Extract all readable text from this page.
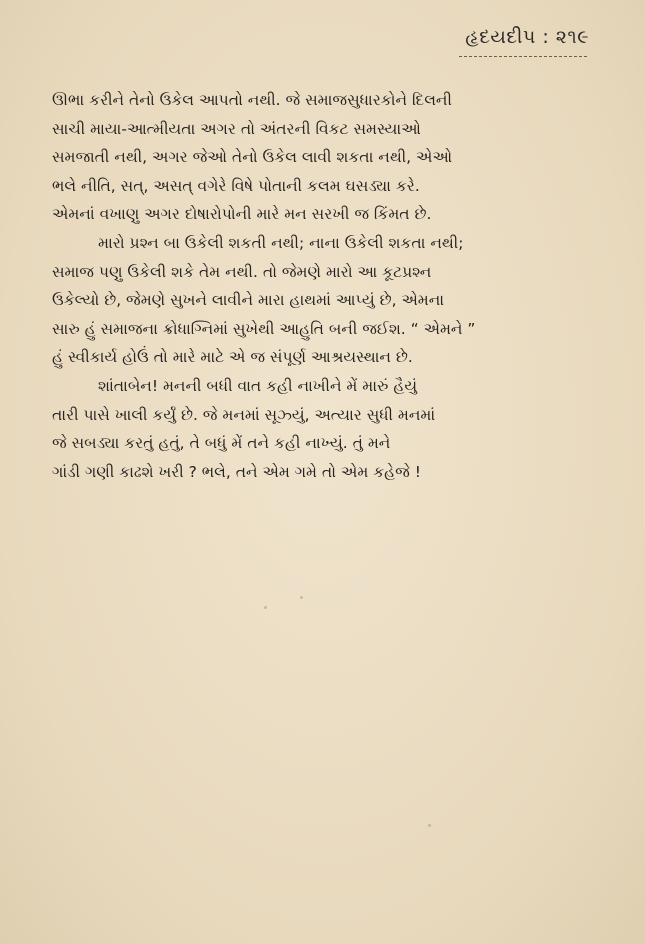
હૃદયદીપ : ૨૧૯

ઊભા કરીને તેનો ઉકેલ આપતો નથી. જે સમાજસુધારકોને દિલની
સાચી માયા-આત્મીયતા અગર તો અંતરની વિકટ સમસ્યાઓ
સમજાતી નથી, અગર જેઓ તેનો ઉકેલ લાવી શકતા નથી, એઓ
ભલે નીતિ, સત્, અસત્ વગેરે વિષે પોતાની કલમ ઘસડ્યા કરે.
એમનાં વખાણુ અગર દોષારોપોની મારે મન સરખી જ કિંમત છે.

મારો પ્રશ્ન બા ઉકેલી શકતી નથી; નાના ઉકેલી શકતા નથી;
સમાજ પણુ ઉકેલી શકે તેમ નથી. તો જેમણે મારો આ કૂટપ્રશ્ન
ઉકેલ્યો છે, જેમણે સુખને લાવીને મારા હાથમાં આપ્યું છે, એમના
સારુ હું સમાજના ક્રોધાગ્નિમાં સુખેથી આહુતિ બની જઈશ. “ એમને ”
હું સ્વીકાર્ય હોઉં તો મારે માટે એ જ સંપૂર્ણ આશ્રયસ્થાન છે.

શાંતાબેન! મનની બધી વાત કહી નાખીને મેં મારું હૈયું
તારી પાસે ખાલી કર્યું છે. જે મનમાં સૂઝ્યું, અત્યાર સુધી મનમાં
જે સબડ્યા કરતું હતું, તે બધું મેં તને કહી નાખ્યું. તું મને
ગાંડી ગણી કાઢશે ખરી ? ભલે, તને એમ ગમે તો એમ કહેજે !
